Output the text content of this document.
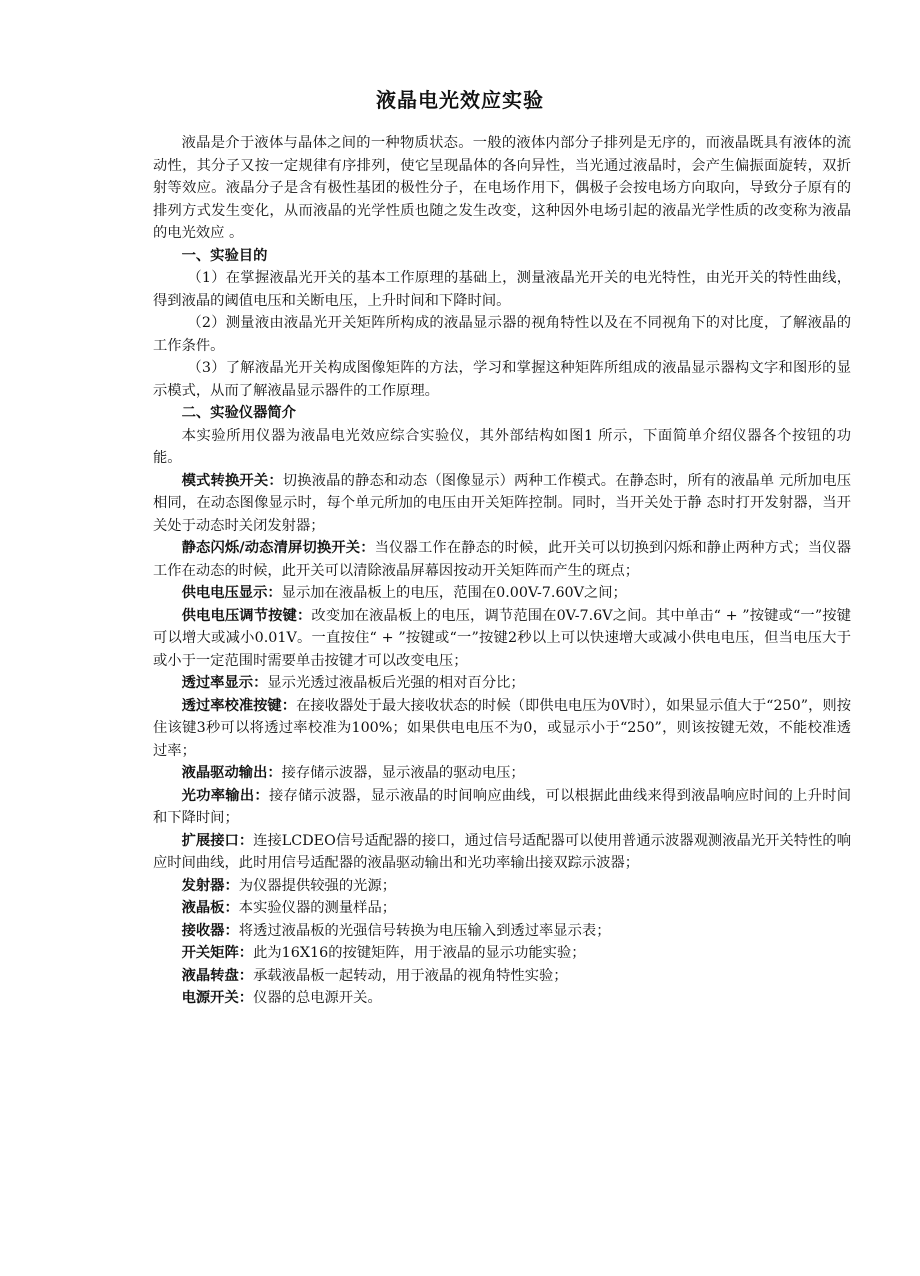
液晶电光效应实验

液晶是介于液体与晶体之间的一种物质状态。一般的液体内部分子排列是无序的，而液晶既具有液体的流动性，其分子又按一定规律有序排列，使它呈现晶体的各向异性，当光通过液晶时，会产生偏振面旋转，双折射等效应。液晶分子是含有极性基团的极性分子，在电场作用下，偶极子会按电场方向取向，导致分子原有的排列方式发生变化，从而液晶的光学性质也随之发生改变，这种因外电场引起的液晶光学性质的改变称为液晶的电光效应 。

一、实验目的

（1）在掌握液晶光开关的基本工作原理的基础上，测量液晶光开关的电光特性，由光开关的特性曲线，得到液晶的阈值电压和关断电压，上升时间和下降时间。

（2）测量液由液晶光开关矩阵所构成的液晶显示器的视角特性以及在不同视角下的对比度，了解液晶的工作条件。

（3）了解液晶光开关构成图像矩阵的方法，学习和掌握这种矩阵所组成的液晶显示器构文字和图形的显示模式，从而了解液晶显示器件的工作原理。

二、实验仪器简介

本实验所用仪器为液晶电光效应综合实验仪，其外部结构如图1 所示，下面简单介绍仪器各个按钮的功能。

模式转换开关：切换液晶的静态和动态（图像显示）两种工作模式。在静态时，所有的液晶单 元所加电压相同，在动态图像显示时，每个单元所加的电压由开关矩阵控制。同时，当开关处于静 态时打开发射器，当开关处于动态时关闭发射器；

静态闪烁/动态清屏切换开关：当仪器工作在静态的时候，此开关可以切换到闪烁和静止两种方式；当仪器工作在动态的时候，此开关可以清除液晶屏幕因按动开关矩阵而产生的斑点；

供电电压显示：显示加在液晶板上的电压，范围在0.00V-7.60V之间；

供电电压调节按键：改变加在液晶板上的电压，调节范围在0V-7.6V之间。其中单击“ + ”按键或“一”按键可以增大或减小0.01V。一直按住“ + ”按键或“一”按键2秒以上可以快速增大或减小供电电压，但当电压大于或小于一定范围时需要单击按键才可以改变电压；

透过率显示：显示光透过液晶板后光强的相对百分比；

透过率校准按键：在接收器处于最大接收状态的时候（即供电电压为0V时），如果显示值大于“250”，则按住该键3秒可以将透过率校准为100%；如果供电电压不为0，或显示小于“250”，则该按键无效，不能校准透过率；

液晶驱动输出：接存储示波器，显示液晶的驱动电压；

光功率输出：接存储示波器，显示液晶的时间响应曲线，可以根据此曲线来得到液晶响应时间的上升时间和下降时间；

扩展接口：连接LCDEO信号适配器的接口，通过信号适配器可以使用普通示波器观测液晶光开关特性的响应时间曲线，此时用信号适配器的液晶驱动输出和光功率输出接双踪示波器；

发射器：为仪器提供较强的光源；

液晶板：本实验仪器的测量样品；

接收器：将透过液晶板的光强信号转换为电压输入到透过率显示表；

开关矩阵：此为16X16的按键矩阵，用于液晶的显示功能实验；

液晶转盘：承载液晶板一起转动，用于液晶的视角特性实验；

电源开关：仪器的总电源开关。
